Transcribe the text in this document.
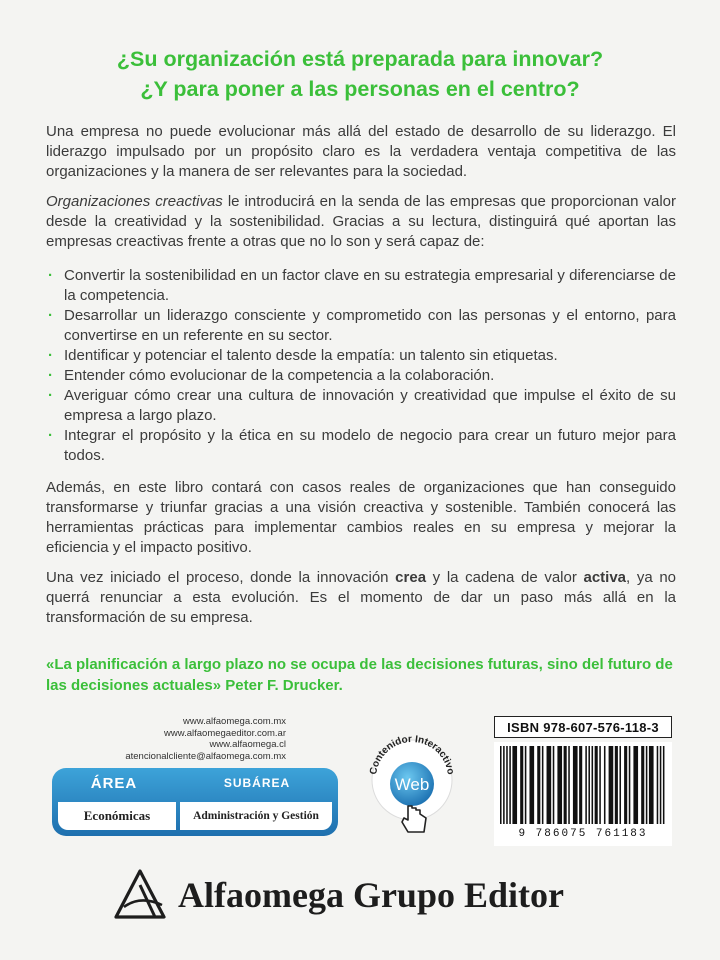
¿Su organización está preparada para innovar?
¿Y para poner a las personas en el centro?

Una empresa no puede evolucionar más allá del estado de desarrollo de su liderazgo. El liderazgo impulsado por un propósito claro es la verdadera ventaja competitiva de las organizaciones y la manera de ser relevantes para la sociedad.

Organizaciones creactivas le introducirá en la senda de las empresas que proporcionan valor desde la creatividad y la sostenibilidad. Gracias a su lectura, distinguirá qué aportan las empresas creactivas frente a otras que no lo son y será capaz de:

· Convertir la sostenibilidad en un factor clave en su estrategia empresarial y diferenciarse de la competencia.
· Desarrollar un liderazgo consciente y comprometido con las personas y el entorno, para convertirse en un referente en su sector.
· Identificar y potenciar el talento desde la empatía: un talento sin etiquetas.
· Entender cómo evolucionar de la competencia a la colaboración.
· Averiguar cómo crear una cultura de innovación y creatividad que impulse el éxito de su empresa a largo plazo.
· Integrar el propósito y la ética en su modelo de negocio para crear un futuro mejor para todos.

Además, en este libro contará con casos reales de organizaciones que han conseguido transformarse y triunfar gracias a una visión creactiva y sostenible. También conocerá las herramientas prácticas para implementar cambios reales en su empresa y mejorar la eficiencia y el impacto positivo.

Una vez iniciado el proceso, donde la innovación crea y la cadena de valor activa, ya no querrá renunciar a esta evolución. Es el momento de dar un paso más allá en la transformación de su empresa.

«La planificación a largo plazo no se ocupa de las decisiones futuras, sino del futuro de las decisiones actuales» Peter F. Drucker.
www.alfaomega.com.mx
www.alfaomegaeditor.com.ar
www.alfaomega.cl
atencionalcliente@alfaomega.com.mx
ÁREA	SUBÁREA
Económicas	Administración y Gestión
Contenidor Interactivo
Web
ISBN 978-607-576-118-3
9 786075 761183
Alfaomega Grupo Editor
